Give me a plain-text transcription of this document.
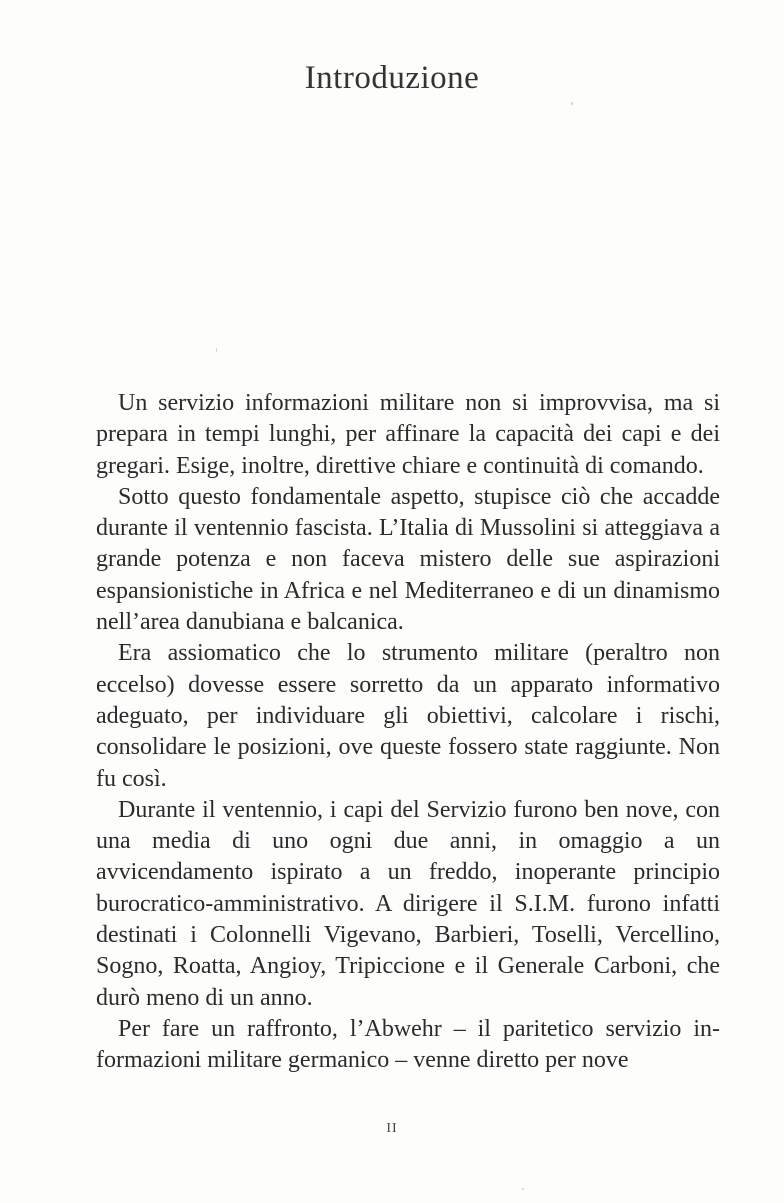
Introduzione

Un servizio informazioni militare non si improvvisa, ma si prepara in tempi lunghi, per affinare la capacità dei capi e dei gregari. Esige, inoltre, direttive chiare e continuità di comando.

Sotto questo fondamentale aspetto, stupisce ciò che accadde durante il ventennio fascista. L’Italia di Mussolini si atteggiava a grande potenza e non faceva mistero delle sue aspirazioni espansionistiche in Africa e nel Mediterraneo e di un dinamismo nell’area danubiana e balcanica.

Era assiomatico che lo strumento militare (peraltro non eccelso) dovesse essere sorretto da un apparato informativo adeguato, per individuare gli obiettivi, calcolare i rischi, consolidare le posizioni, ove queste fossero state raggiunte. Non fu così.

Durante il ventennio, i capi del Servizio furono ben nove, con una media di uno ogni due anni, in omaggio a un avvicendamento ispirato a un freddo, inoperante principio burocratico-amministrativo. A dirigere il S.I.M. furono infatti destinati i Colonnelli Vigevano, Barbieri, Toselli, Vercellino, Sogno, Roatta, Angioy, Tripiccione e il Generale Carboni, che durò meno di un anno.

Per fare un raffronto, l’Abwehr – il paritetico servizio informazioni militare germanico – venne diretto per nove

II
